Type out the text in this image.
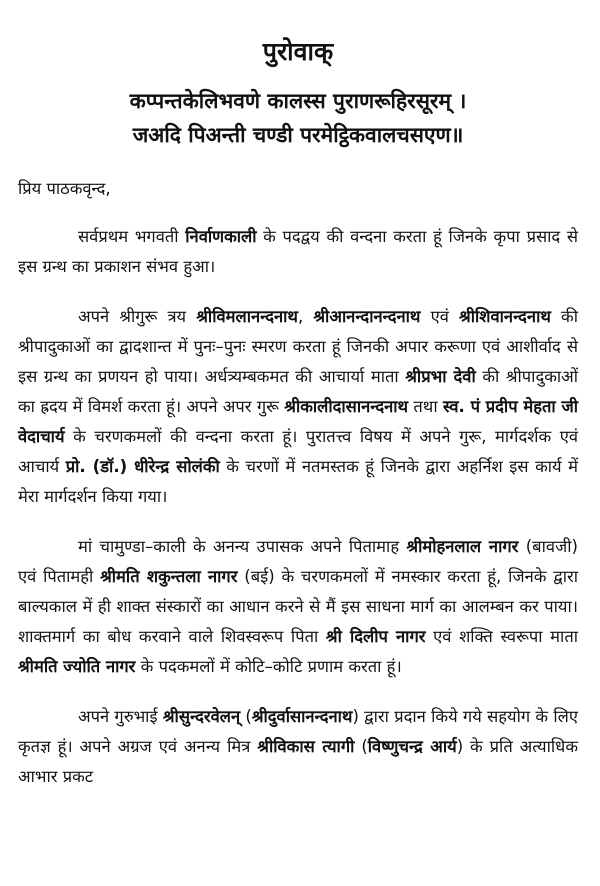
पुरोवाक्
कप्पन्तकेलिभवणे कालस्स पुराणरूहिरसूरम् ।
जअदि पिअन्ती चण्डी परमेट्ठिकवालचसएण॥
प्रिय पाठकवृन्द,

सर्वप्रथम भगवती निर्वाणकाली के पदद्वय की वन्दना करता हूं जिनके कृपा प्रसाद से इस ग्रन्थ का प्रकाशन संभव हुआ।

अपने श्रीगुरू त्रय श्रीविमलानन्दनाथ, श्रीआनन्दानन्दनाथ एवं श्रीशिवानन्दनाथ की श्रीपादुकाओं का द्वादशान्त में पुनः–पुनः स्मरण करता हूं जिनकी अपार करूणा एवं आशीर्वाद से इस ग्रन्थ का प्रणयन हो पाया। अर्धत्र्यम्बकमत की आचार्या माता श्रीप्रभा देवी की श्रीपादुकाओं का ह्रदय में विमर्श करता हूं। अपने अपर गुरू श्रीकालीदासानन्दनाथ तथा स्व. पं प्रदीप मेहता जी वेदाचार्य के चरणकमलों की वन्दना करता हूं। पुरातत्त्व विषय में अपने गुरू, मार्गदर्शक एवं आचार्य प्रो. (डॉ.) धीरेन्द्र सोलंकी के चरणों में नतमस्तक हूं जिनके द्वारा अहर्निश इस कार्य में मेरा मार्गदर्शन किया गया।

मां चामुण्डा–काली के अनन्य उपासक अपने पितामाह श्रीमोहनलाल नागर (बावजी) एवं पितामही श्रीमति शकुन्तला नागर (बई) के चरणकमलों में नमस्कार करता हूं, जिनके द्वारा बाल्यकाल में ही शाक्त संस्कारों का आधान करने से मैं इस साधना मार्ग का आलम्बन कर पाया। शाक्तमार्ग का बोध करवाने वाले शिवस्वरूप पिता श्री दिलीप नागर एवं शक्ति स्वरूपा माता श्रीमति ज्योति नागर के पदकमलों में कोटि–कोटि प्रणाम करता हूं।

अपने गुरुभाई श्रीसुन्दरवेलन् (श्रीदुर्वासानन्दनाथ) द्वारा प्रदान किये गये सहयोग के लिए कृतज्ञ हूं। अपने अग्रज एवं अनन्य मित्र श्रीविकास त्यागी (विष्णुचन्द्र आर्य) के प्रति अत्याधिक आभार प्रकट
